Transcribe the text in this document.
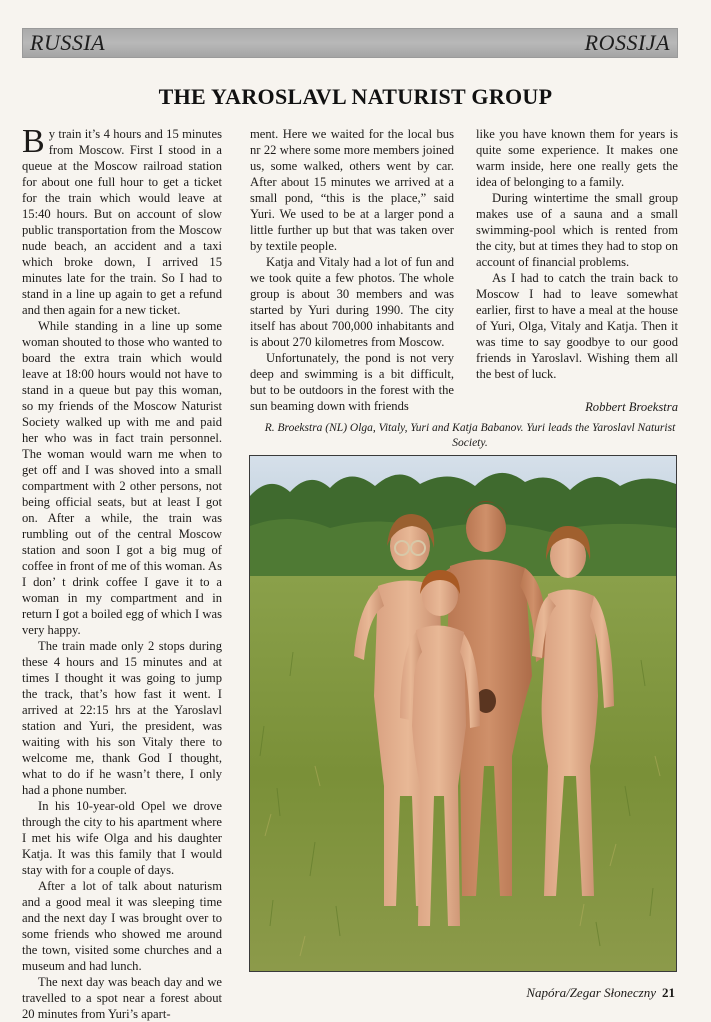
RUSSIA	ROSSIJA
THE YAROSLAVL NATURIST GROUP

By train it’s 4 hours and 15 minutes from Moscow. First I stood in a queue at the Moscow railroad station for about one full hour to get a ticket for the train which would leave at 15:40 hours. But on account of slow public transportation from the Moscow nude beach, an accident and a taxi which broke down, I arrived 15 minutes late for the train. So I had to stand in a line up again to get a refund and then again for a new ticket.

While standing in a line up some woman shouted to those who wanted to board the extra train which would leave at 18:00 hours would not have to stand in a queue but pay this woman, so my friends of the Moscow Naturist Society walked up with me and paid her who was in fact train personnel. The woman would warn me when to get off and I was shoved into a small compartment with 2 other persons, not being official seats, but at least I got on. After a while, the train was rumbling out of the central Moscow station and soon I got a big mug of coffee in front of me of this woman. As I don’ t drink coffee I gave it to a woman in my compartment and in return I got a boiled egg of which I was very happy.

The train made only 2 stops during these 4 hours and 15 minutes and at times I thought it was going to jump the track, that’s how fast it went. I arrived at 22:15 hrs at the Yaroslavl station and Yuri, the president, was waiting with his son Vitaly there to welcome me, thank God I thought, what to do if he wasn’t there, I only had a phone number.

In his 10-year-old Opel we drove through the city to his apartment where I met his wife Olga and his daughter Katja. It was this family that I would stay with for a couple of days.

After a lot of talk about naturism and a good meal it was sleeping time and the next day I was brought over to some friends who showed me around the town, visited some churches and a museum and had lunch.

The next day was beach day and we travelled to a spot near a forest about 20 minutes from Yuri’s apart-

ment. Here we waited for the local bus nr 22 where some more members joined us, some walked, others went by car. After about 15 minutes we arrived at a small pond, “this is the place,” said Yuri. We used to be at a larger pond a little further up but that was taken over by textile people.

Katja and Vitaly had a lot of fun and we took quite a few photos. The whole group is about 30 members and was started by Yuri during 1990. The city itself has about 700,000 inhabitants and is about 270 kilometres from Moscow.

Unfortunately, the pond is not very deep and swimming is a bit difficult, but to be outdoors in the forest with the sun beaming down with friends

like you have known them for years is quite some experience. It makes one warm inside, here one really gets the idea of belonging to a family.

During wintertime the small group makes use of a sauna and a small swimming-pool which is rented from the city, but at times they had to stop on account of financial problems.

As I had to catch the train back to Moscow I had to leave somewhat earlier, first to have a meal at the house of Yuri, Olga, Vitaly and Katja. Then it was time to say goodbye to our good friends in Yaroslavl. Wishing them all the best of luck.

Robbert Broekstra
R. Broekstra (NL) Olga, Vitaly, Yuri and Katja Babanov. Yuri leads the Yaroslavl Naturist Society.
Napóra/Zegar Słoneczny 21
